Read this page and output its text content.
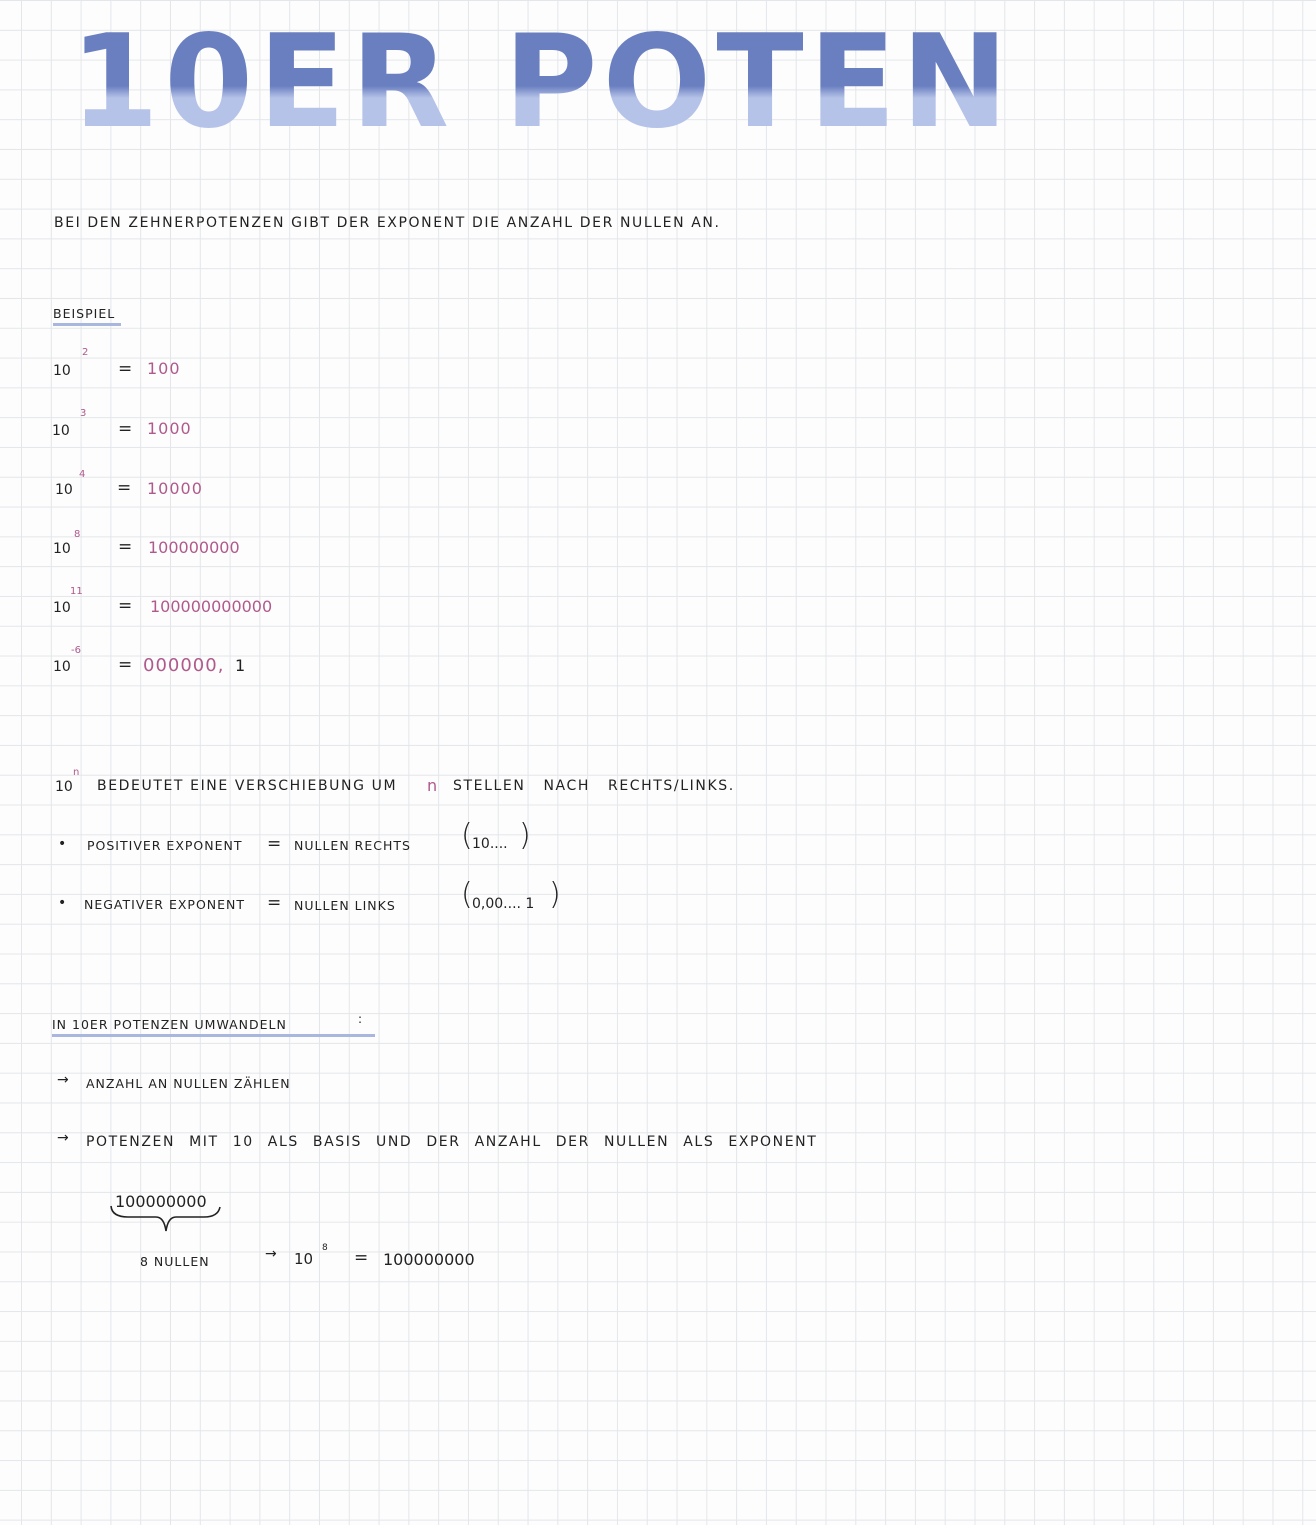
10ER POTENZEN
BEI DEN ZEHNERPOTENZEN GIBT DER EXPONENT DIE ANZAHL DER NULLEN AN.
BEISPIEL
10
2
= 100
10
3
= 1000
10
4
= 10000
10
8
= 100000000
10
11
= 100000000000
10
-6
= 000000, 1
10
n
BEDEUTET EINE VERSCHIEBUNG UM n STELLEN NACH RECHTS/LINKS.
• POSITIVER EXPONENT = NULLEN RECHTS ( 10.... )
• NEGATIVER EXPONENT = NULLEN LINKS ( 0,00.... 1 )
IN 10ER POTENZEN UMWANDELN	:
→ ANZAHL AN NULLEN ZÄHLEN
→ POTENZEN MIT 10 ALS BASIS UND DER ANZAHL DER NULLEN ALS EXPONENT
100000000
8 NULLEN	→ 10
8 = 100000000
